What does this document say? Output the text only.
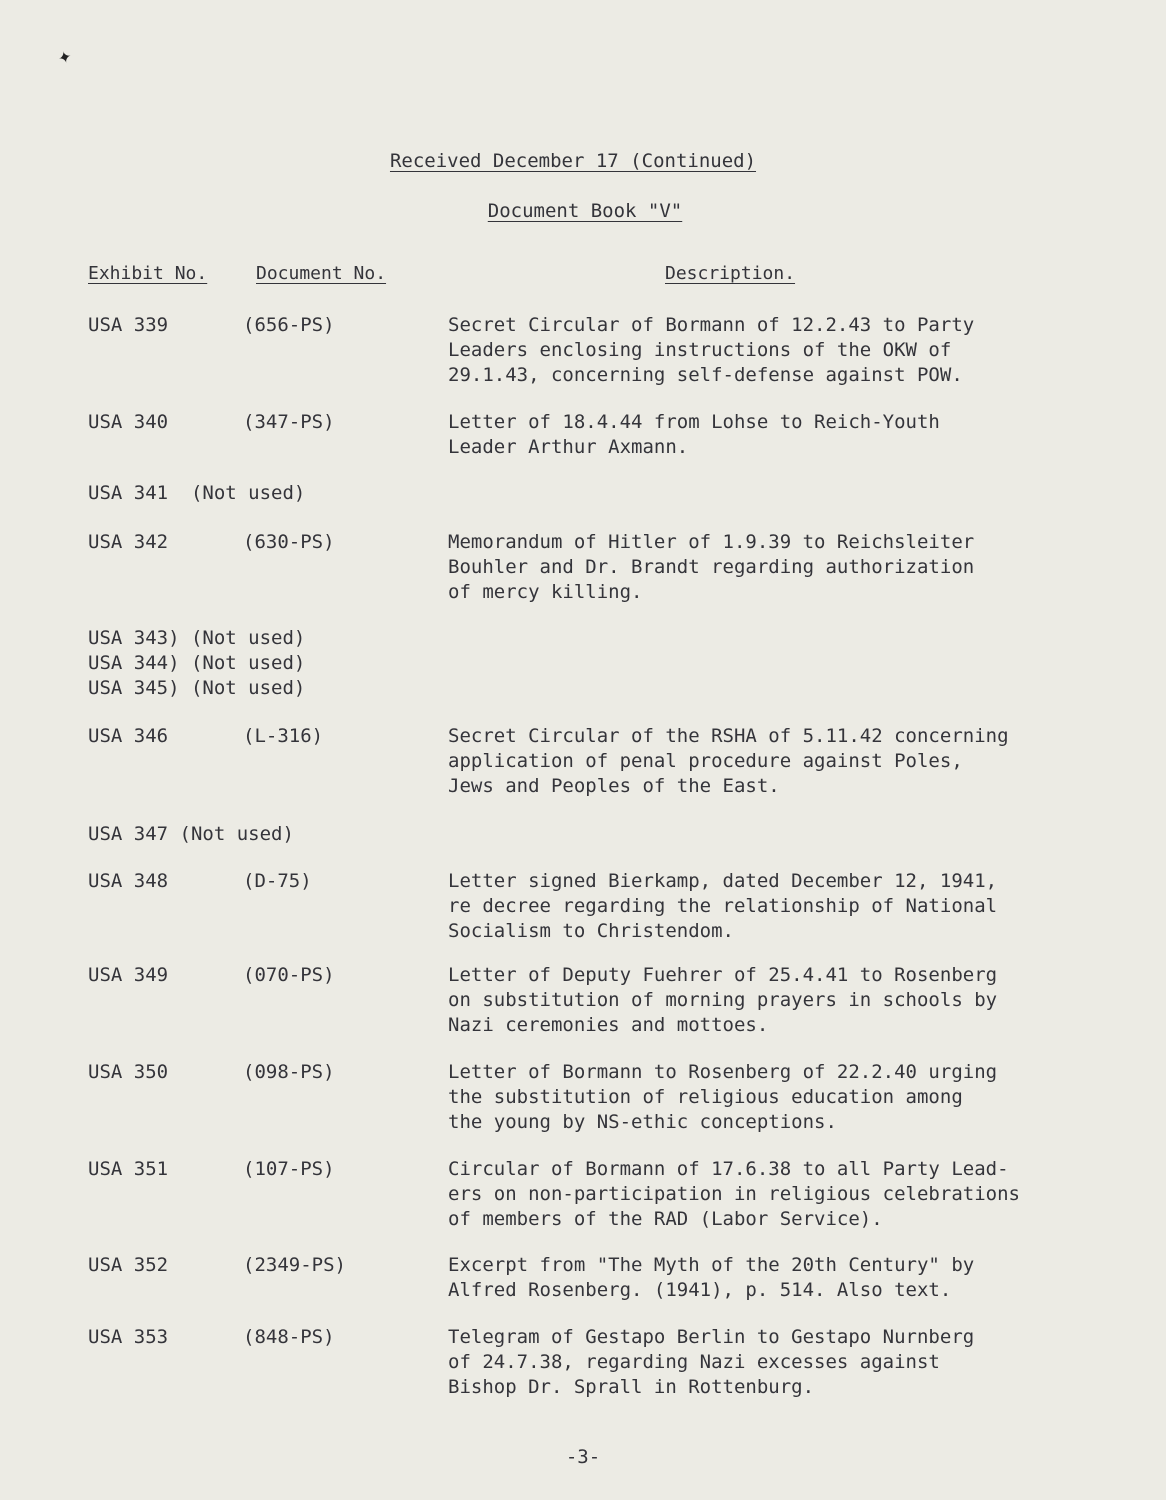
✦
Received December 17 (Continued)
Document Book "V"
Exhibit No.	Document No.	Description.
USA 339	(656-PS)	Secret Circular of Bormann of 12.2.43 to Party
Leaders enclosing instructions of the OKW of
29.1.43, concerning self-defense against POW.
USA 340	(347-PS)	Letter of 18.4.44 from Lohse to Reich-Youth
Leader Arthur Axmann.
USA 341  (Not used)
USA 342	(630-PS)	Memorandum of Hitler of 1.9.39 to Reichsleiter
Bouhler and Dr. Brandt regarding authorization
of mercy killing.
USA 343) (Not used)
USA 344) (Not used)
USA 345) (Not used)
USA 346	(L-316)	Secret Circular of the RSHA of 5.11.42 concerning
application of penal procedure against Poles,
Jews and Peoples of the East.
USA 347 (Not used)
USA 348	(D-75)	Letter signed Bierkamp, dated December 12, 1941,
re decree regarding the relationship of National
Socialism to Christendom.
USA 349	(070-PS)	Letter of Deputy Fuehrer of 25.4.41 to Rosenberg
on substitution of morning prayers in schools by
Nazi ceremonies and mottoes.
USA 350	(098-PS)	Letter of Bormann to Rosenberg of 22.2.40 urging
the substitution of religious education among
the young by NS-ethic conceptions.
USA 351	(107-PS)	Circular of Bormann of 17.6.38 to all Party Lead-
ers on non-participation in religious celebrations
of members of the RAD (Labor Service).
USA 352	(2349-PS)	Excerpt from "The Myth of the 20th Century" by
Alfred Rosenberg. (1941), p. 514. Also text.
USA 353	(848-PS)	Telegram of Gestapo Berlin to Gestapo Nurnberg
of 24.7.38, regarding Nazi excesses against
Bishop Dr. Sprall in Rottenburg.
-3-
